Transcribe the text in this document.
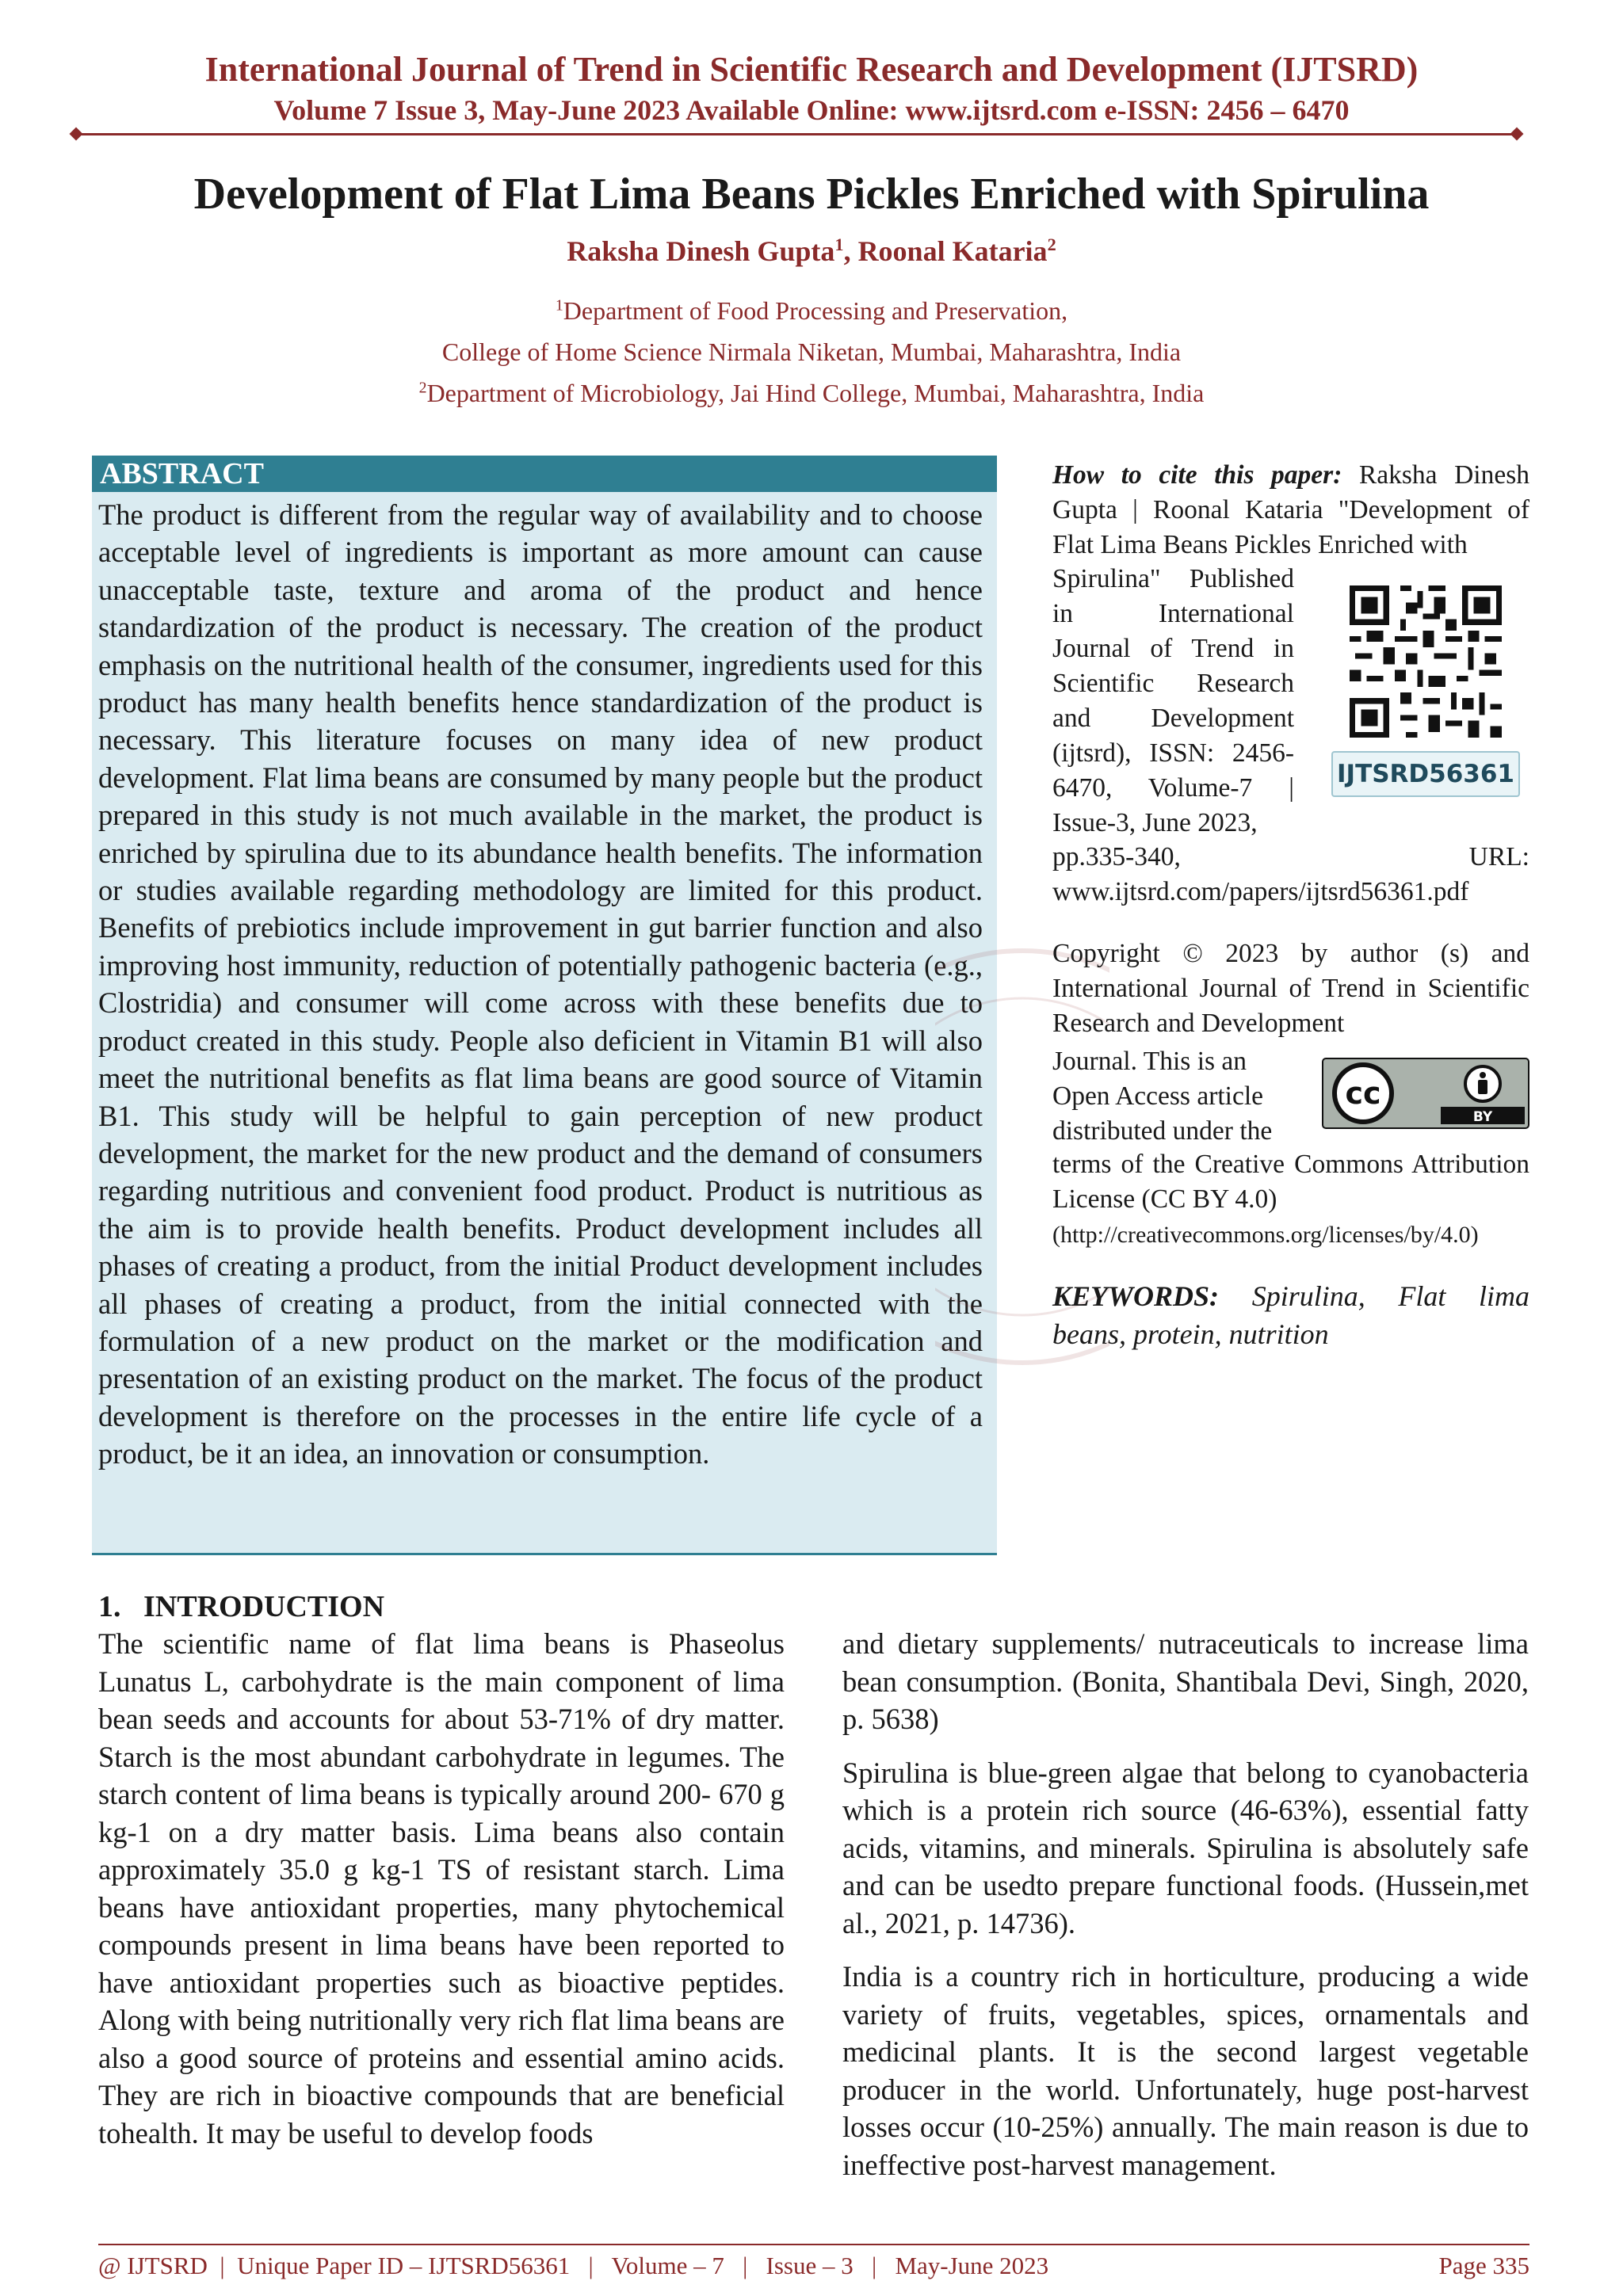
International Journal of Trend in Scientific Research and Development (IJTSRD)
Volume 7 Issue 3, May-June 2023 Available Online: www.ijtsrd.com e-ISSN: 2456 – 6470
Development of Flat Lima Beans Pickles Enriched with Spirulina
Raksha Dinesh Gupta$^1$, Roonal Kataria$^2$
$^1$Department of Food Processing and Preservation,
College of Home Science Nirmala Niketan, Mumbai, Maharashtra, India
$^2$Department of Microbiology, Jai Hind College, Mumbai, Maharashtra, India
ABSTRACT
The product is different from the regular way of availability and to choose acceptable level of ingredients is important as more amount can cause unacceptable taste, texture and aroma of the product and hence standardization of the product is necessary. The creation of the product emphasis on the nutritional health of the consumer, ingredients used for this product has many health benefits hence standardization of the product is necessary. This literature focuses on many idea of new product development. Flat lima beans are consumed by many people but the product prepared in this study is not much available in the market, the product is enriched by spirulina due to its abundance health benefits. The information or studies available regarding methodology are limited for this product. Benefits of prebiotics include improvement in gut barrier function and also improving host immunity, reduction of potentially pathogenic bacteria (e.g., Clostridia) and consumer will come across with these benefits due to product created in this study. People also deficient in Vitamin B1 will also meet the nutritional benefits as flat lima beans are good source of Vitamin B1. This study will be helpful to gain perception of new product development, the market for the new product and the demand of consumers regarding nutritious and convenient food product. Product is nutritious as the aim is to provide health benefits. Product development includes all phases of creating a product, from the initial Product development includes all phases of creating a product, from the initial connected with the formulation of a new product on the market or the modification and presentation of an existing product on the market. The focus of the product development is therefore on the processes in the entire life cycle of a product, be it an idea, an innovation or consumption.
How to cite this paper: Raksha Dinesh Gupta | Roonal Kataria "Development of Flat Lima Beans Pickles Enriched with
Spirulina" Published in International Journal of Trend in Scientific Research and Development (ijtsrd), ISSN: 2456-6470, Volume-7 | Issue-3, June 2023,
IJTSRD56361
pp.335-340, URL: www.ijtsrd.com/papers/ijtsrd56361.pdf
Copyright © 2023 by author (s) and International Journal of Trend in Scientific Research and Development
Journal. This is an Open Access article distributed under the
cc
BY
terms of the Creative Commons Attribution License (CC BY 4.0)
(http://creativecommons.org/licenses/by/4.0)
KEYWORDS: Spirulina, Flat lima beans, protein, nutrition
1.   INTRODUCTION
The scientific name of flat lima beans is Phaseolus Lunatus L, carbohydrate is the main component of lima bean seeds and accounts for about 53-71% of dry matter. Starch is the most abundant carbohydrate in legumes. The starch content of lima beans is typically around 200- 670 g kg-1 on a dry matter basis. Lima beans also contain approximately 35.0 g kg-1 TS of resistant starch. Lima beans have antioxidant properties, many phytochemical compounds present in lima beans have been reported to have antioxidant properties such as bioactive peptides. Along with being nutritionally very rich flat lima beans are also a good source of proteins and essential amino acids. They are rich in bioactive compounds that are beneficial tohealth. It may be useful to develop foods

and dietary supplements/ nutraceuticals to increase lima bean consumption. (Bonita, Shantibala Devi, Singh, 2020, p. 5638)

Spirulina is blue-green algae that belong to cyanobacteria which is a protein rich source (46-63%), essential fatty acids, vitamins, and minerals. Spirulina is absolutely safe and can be usedto prepare functional foods. (Hussein,met al., 2021, p. 14736).

India is a country rich in horticulture, producing a wide variety of fruits, vegetables, spices, ornamentals and medicinal plants. It is the second largest vegetable producer in the world. Unfortunately, huge post-harvest losses occur (10-25%) annually. The main reason is due to ineffective post-harvest management.

@ IJTSRD  |  Unique Paper ID – IJTSRD56361   |   Volume – 7   |   Issue – 3   |   May-June 2023	Page 335
